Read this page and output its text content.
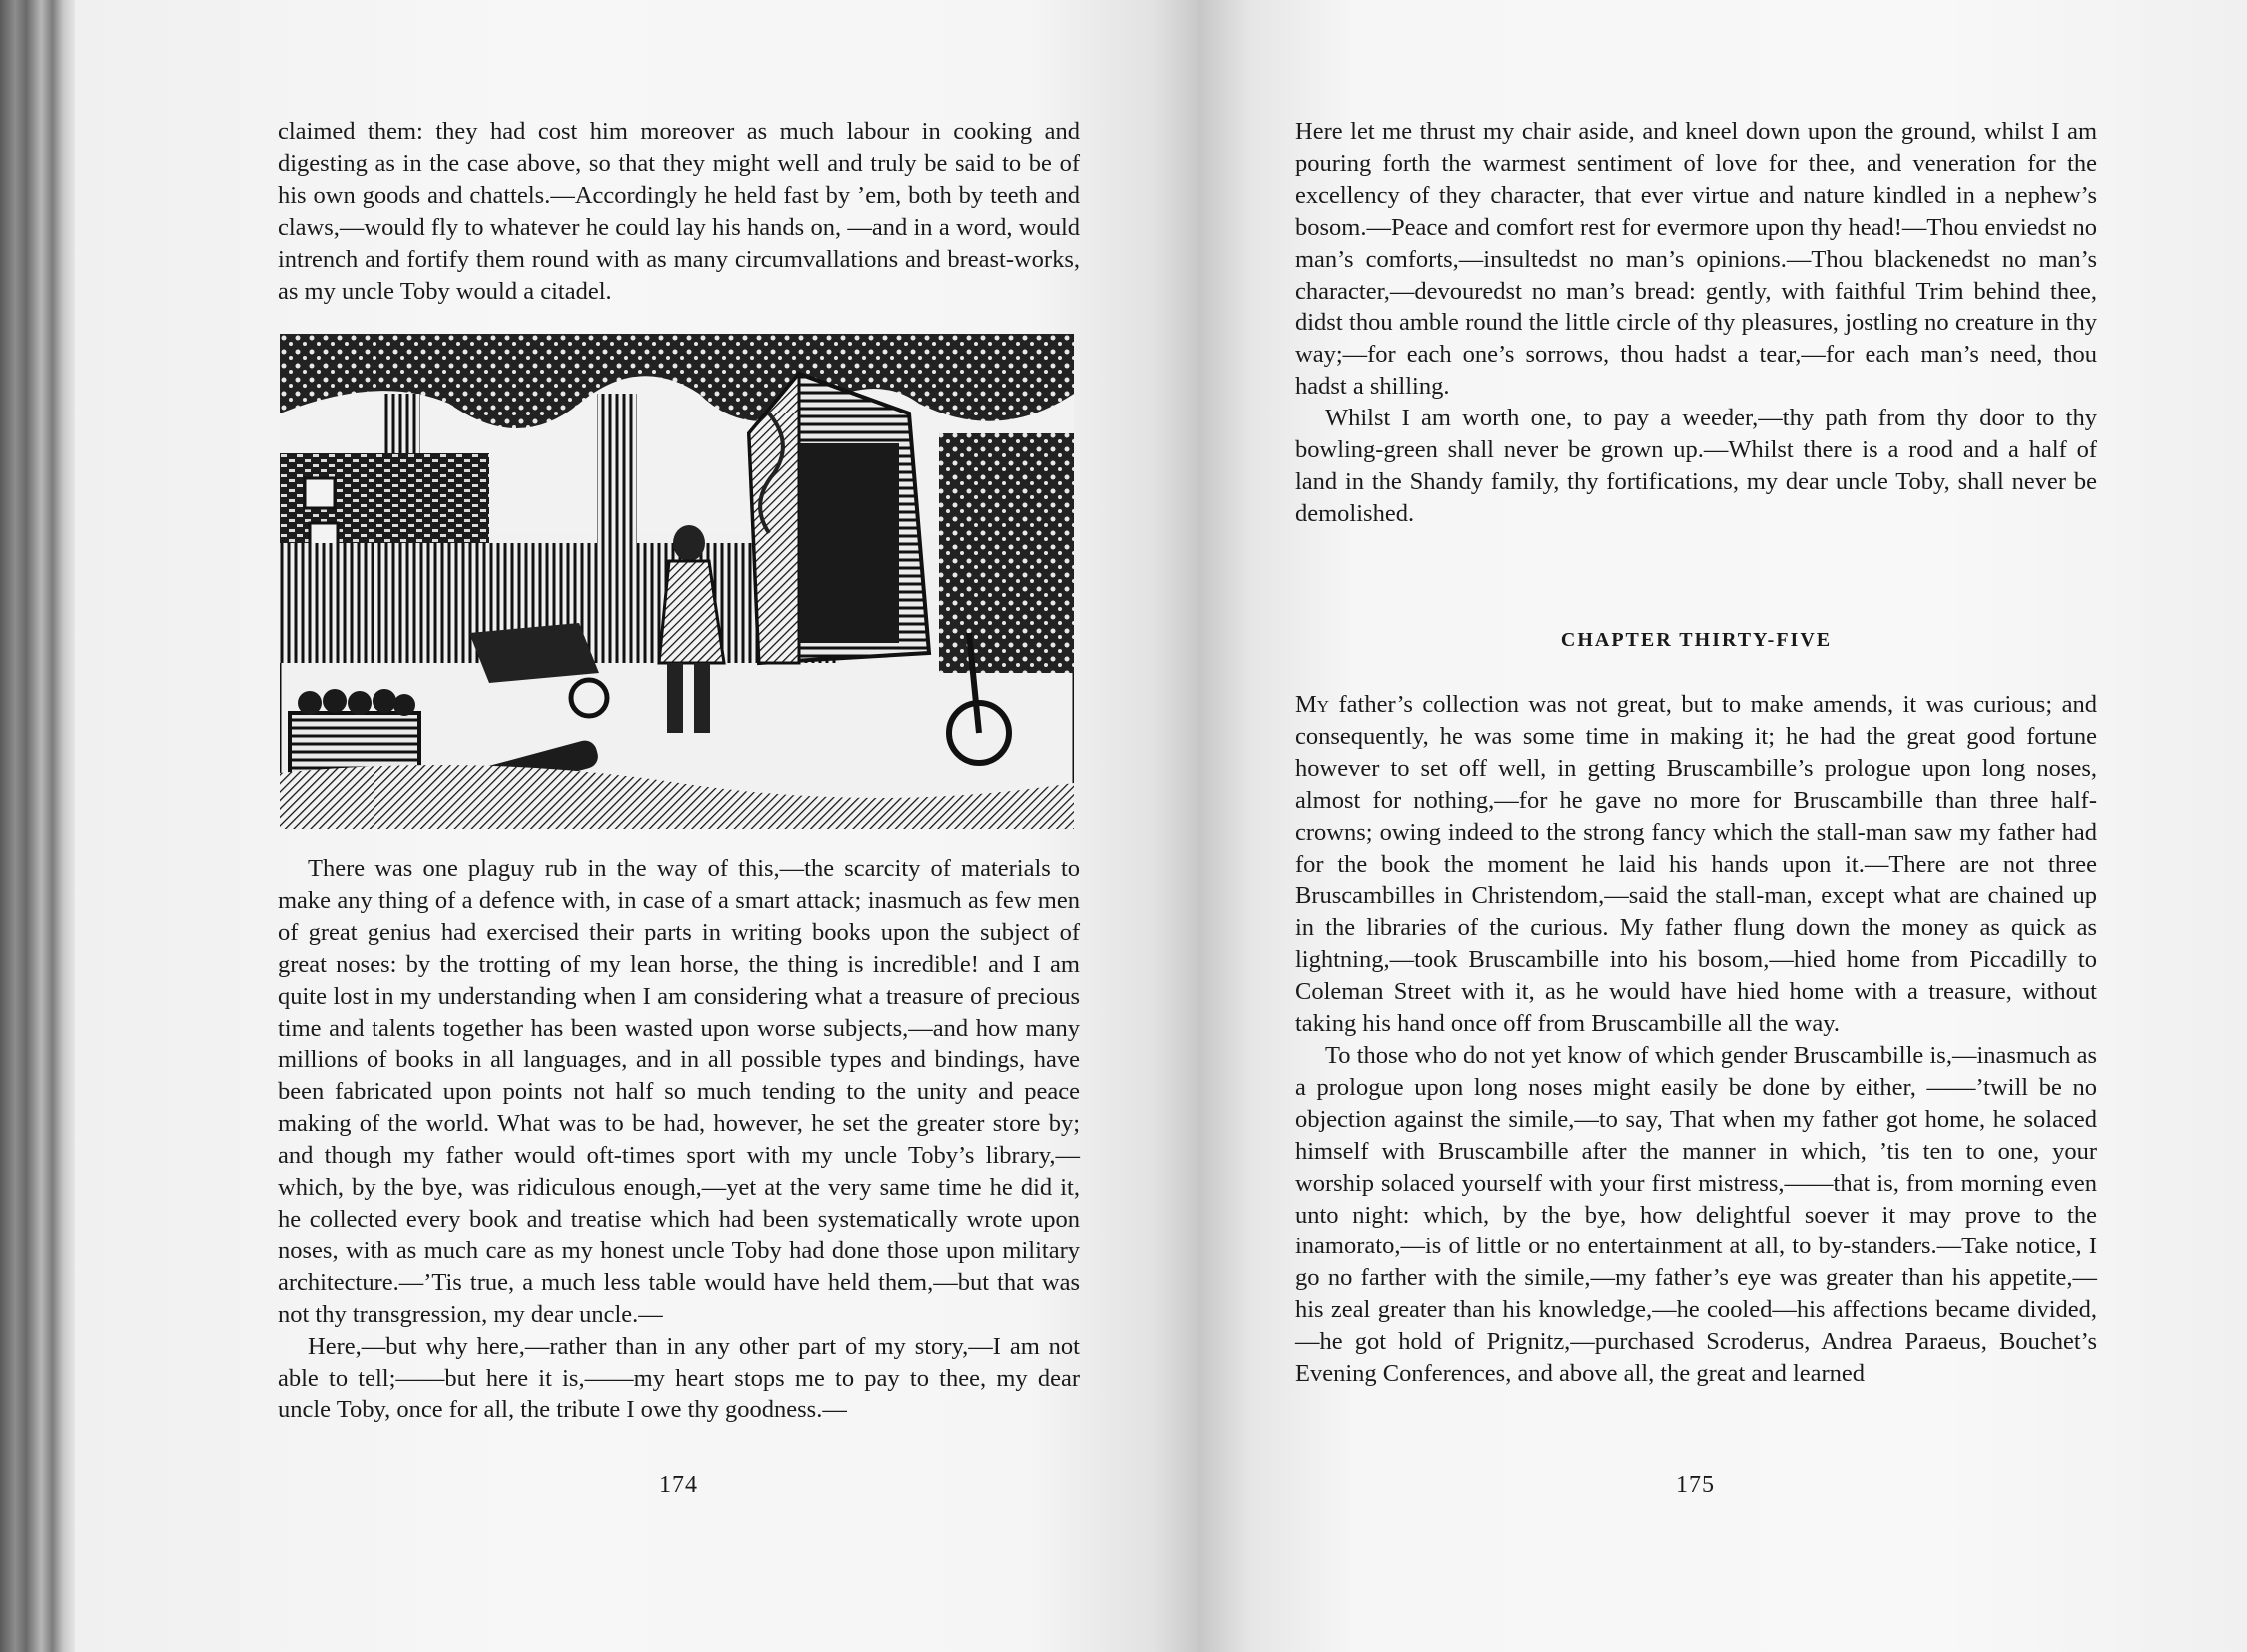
claimed them: they had cost him moreover as much labour in cooking and digesting as in the case above, so that they might well and truly be said to be of his own goods and chattels.—Accordingly he held fast by ’em, both by teeth and claws,—would fly to whatever he could lay his hands on, —and in a word, would intrench and fortify them round with as many circumvallations and breast-works, as my uncle Toby would a citadel.

There was one plaguy rub in the way of this,—the scarcity of materials to make any thing of a defence with, in case of a smart attack; inasmuch as few men of great genius had exercised their parts in writing books upon the subject of great noses: by the trotting of my lean horse, the thing is incredible! and I am quite lost in my understanding when I am considering what a treasure of precious time and talents together has been wasted upon worse subjects,—and how many millions of books in all languages, and in all possible types and bindings, have been fabricated upon points not half so much tending to the unity and peace making of the world. What was to be had, however, he set the greater store by; and though my father would oft-times sport with my uncle Toby’s library,— which, by the bye, was ridiculous enough,—yet at the very same time he did it, he collected every book and treatise which had been systematically wrote upon noses, with as much care as my honest uncle Toby had done those upon military architecture.—’Tis true, a much less table would have held them,—but that was not thy transgression, my dear uncle.—

Here,—but why here,—rather than in any other part of my story,—I am not able to tell;——but here it is,——my heart stops me to pay to thee, my dear uncle Toby, once for all, the tribute I owe thy goodness.—

174

Here let me thrust my chair aside, and kneel down upon the ground, whilst I am pouring forth the warmest sentiment of love for thee, and veneration for the excellency of they character, that ever virtue and nature kindled in a nephew’s bosom.—Peace and comfort rest for evermore upon thy head!—Thou enviedst no man’s comforts,—insultedst no man’s opinions.—Thou blackenedst no man’s character,—devouredst no man’s bread: gently, with faithful Trim behind thee, didst thou amble round the little circle of thy pleasures, jostling no creature in thy way;—for each one’s sorrows, thou hadst a tear,—for each man’s need, thou hadst a shilling.

Whilst I am worth one, to pay a weeder,—thy path from thy door to thy bowling-green shall never be grown up.—Whilst there is a rood and a half of land in the Shandy family, thy fortifications, my dear uncle Toby, shall never be demolished.

CHAPTER THIRTY-FIVE

My father’s collection was not great, but to make amends, it was curious; and consequently, he was some time in making it; he had the great good fortune however to set off well, in getting Bruscambille’s prologue upon long noses, almost for nothing,—for he gave no more for Bruscambille than three half-crowns; owing indeed to the strong fancy which the stall-man saw my father had for the book the moment he laid his hands upon it.—There are not three Bruscambilles in Christendom,—said the stall-man, except what are chained up in the libraries of the curious. My father flung down the money as quick as lightning,—took Bruscambille into his bosom,—hied home from Piccadilly to Coleman Street with it, as he would have hied home with a treasure, without taking his hand once off from Bruscambille all the way.

To those who do not yet know of which gender Bruscambille is,—inasmuch as a prologue upon long noses might easily be done by either, ——’twill be no objection against the simile,—to say, That when my father got home, he solaced himself with Bruscambille after the manner in which, ’tis ten to one, your worship solaced yourself with your first mistress,——that is, from morning even unto night: which, by the bye, how delightful soever it may prove to the inamorato,—is of little or no entertainment at all, to by-standers.—Take notice, I go no farther with the simile,—my father’s eye was greater than his appetite,—his zeal greater than his knowledge,—he cooled—his affections became divided, —he got hold of Prignitz,—purchased Scroderus, Andrea Paraeus, Bouchet’s Evening Conferences, and above all, the great and learned

175
